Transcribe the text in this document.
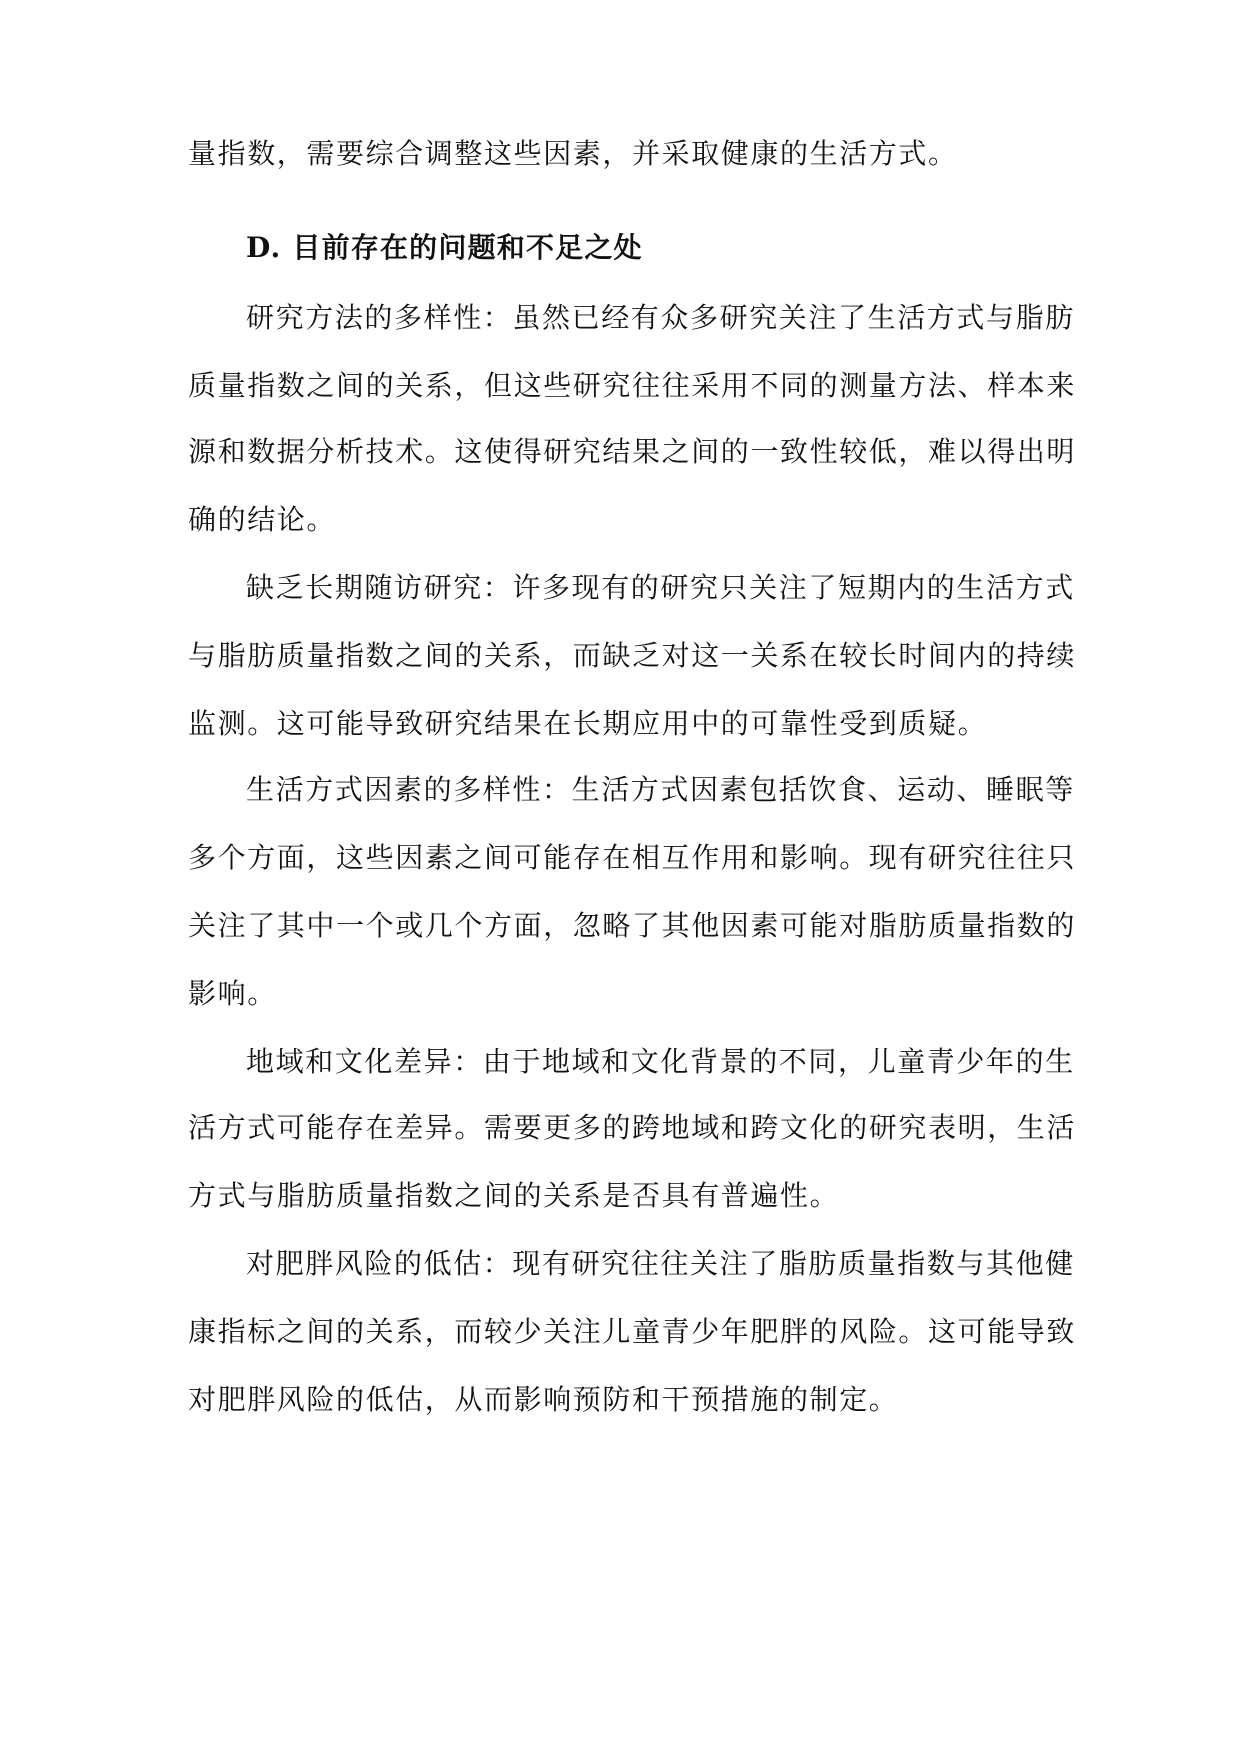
量指数，需要综合调整这些因素，并采取健康的生活方式。
D. 目前存在的问题和不足之处
研究方法的多样性：虽然已经有众多研究关注了生活方式与脂肪
质量指数之间的关系，但这些研究往往采用不同的测量方法、样本来
源和数据分析技术。这使得研究结果之间的一致性较低，难以得出明
确的结论。
缺乏长期随访研究：许多现有的研究只关注了短期内的生活方式
与脂肪质量指数之间的关系，而缺乏对这一关系在较长时间内的持续
监测。这可能导致研究结果在长期应用中的可靠性受到质疑。
生活方式因素的多样性：生活方式因素包括饮食、运动、睡眠等
多个方面，这些因素之间可能存在相互作用和影响。现有研究往往只
关注了其中一个或几个方面，忽略了其他因素可能对脂肪质量指数的
影响。
地域和文化差异：由于地域和文化背景的不同，儿童青少年的生
活方式可能存在差异。需要更多的跨地域和跨文化的研究表明，生活
方式与脂肪质量指数之间的关系是否具有普遍性。
对肥胖风险的低估：现有研究往往关注了脂肪质量指数与其他健
康指标之间的关系，而较少关注儿童青少年肥胖的风险。这可能导致
对肥胖风险的低估，从而影响预防和干预措施的制定。
